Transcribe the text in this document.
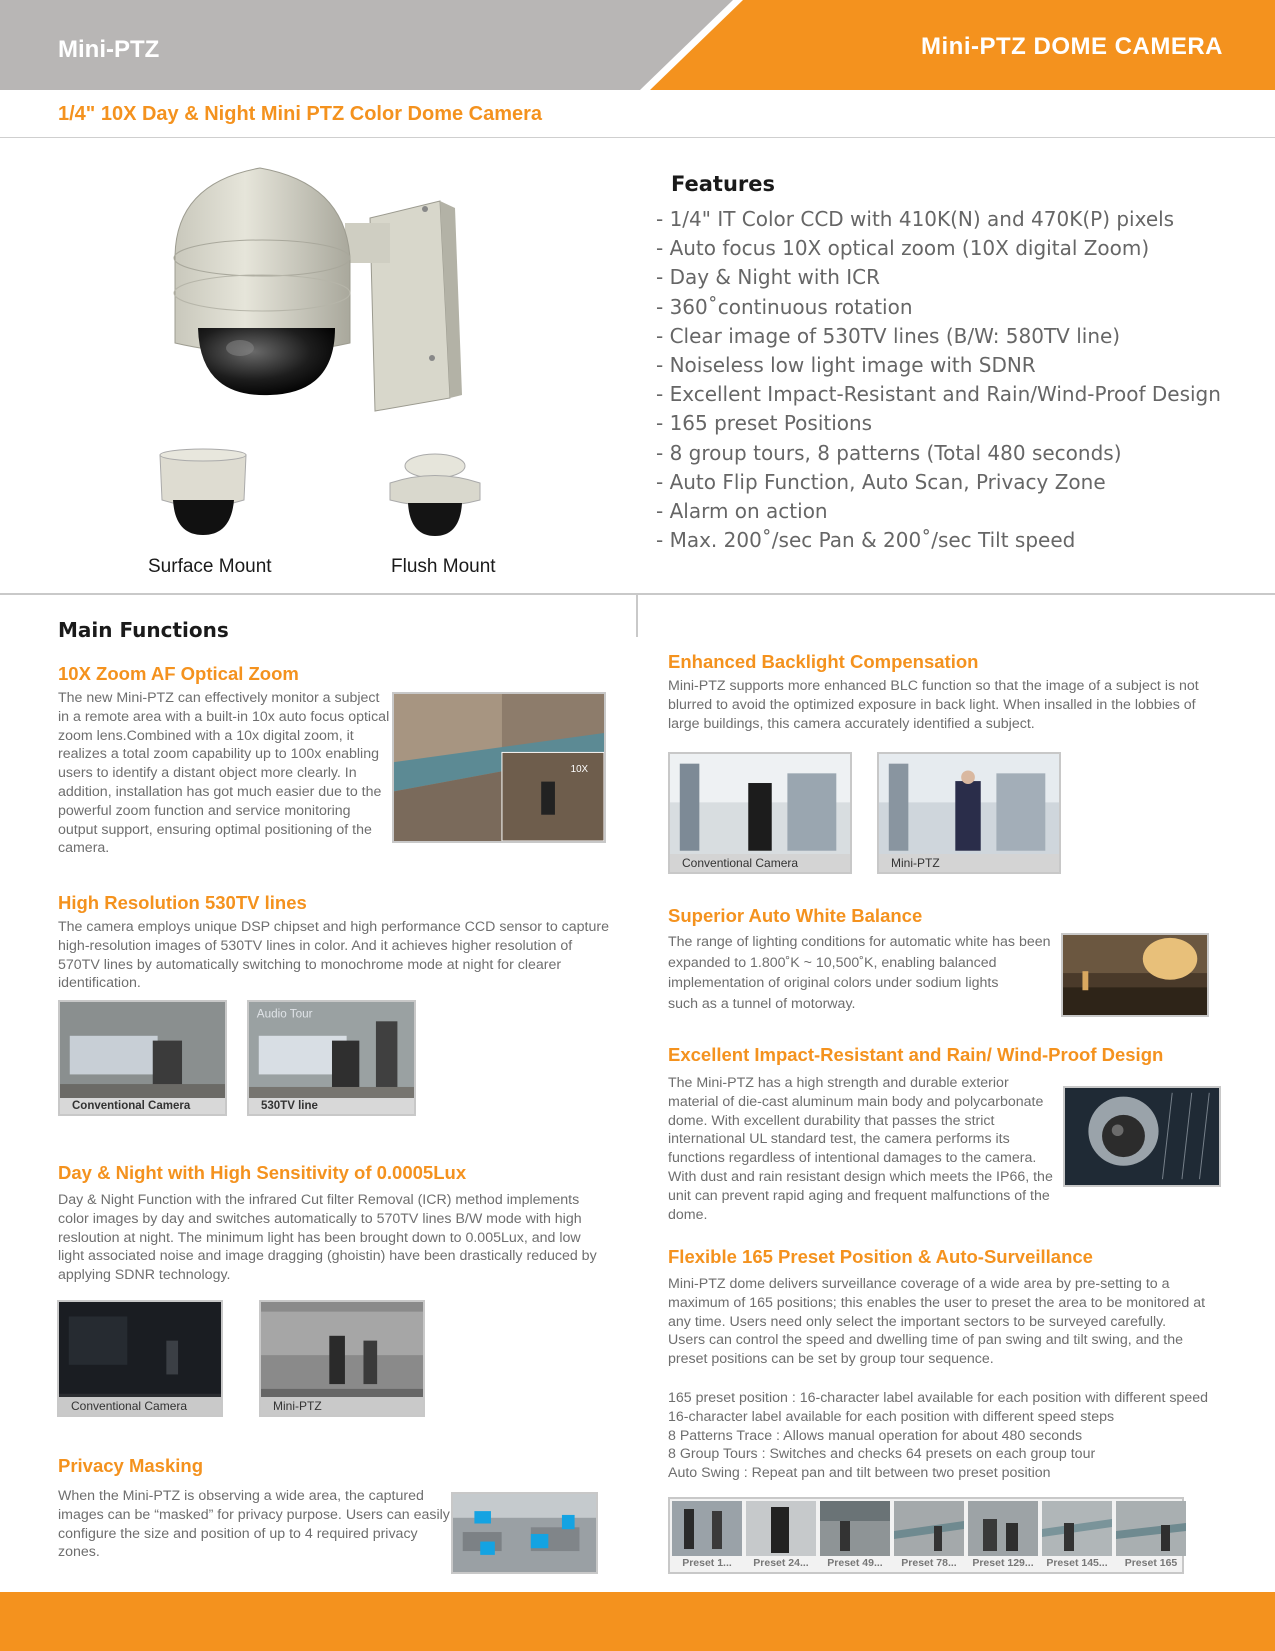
Mini-PTZ	Mini-PTZ DOME CAMERA
1/4" 10X Day & Night Mini PTZ Color Dome Camera
Surface Mount	Flush Mount
Features
- 1/4" IT Color CCD with 410K(N) and 470K(P) pixels
- Auto focus 10X optical zoom (10X digital Zoom)
- Day & Night with ICR
- 360˚continuous rotation
- Clear image of 530TV lines (B/W: 580TV line)
- Noiseless low light image with SDNR
- Excellent Impact-Resistant and Rain/Wind-Proof Design
- 165 preset Positions
- 8 group tours, 8 patterns (Total 480 seconds)
- Auto Flip Function, Auto Scan, Privacy Zone
- Alarm on action
- Max. 200˚/sec Pan & 200˚/sec Tilt speed
Main Functions
10X Zoom AF Optical Zoom
The new Mini-PTZ can effectively monitor a subject
in a remote area with a built-in 10x auto focus optical
zoom lens.Combined with a 10x digital zoom, it
realizes a total zoom capability up to 100x enabling
users to identify a distant object more clearly. In
addition, installation has got much easier due to the
powerful zoom function and service monitoring
output support, ensuring optimal positioning of the
camera.
10X
High Resolution 530TV lines
The camera employs unique DSP chipset and high performance CCD sensor to capture
high-resolution images of 530TV lines in color. And it achieves higher resolution of
570TV lines by automatically switching to monochrome mode at night for clearer
identification.
Conventional Camera
Audio Tour
530TV line
Day & Night with High Sensitivity of 0.0005Lux
Day & Night Function with the infrared Cut filter Removal (ICR) method implements
color images by day and switches automatically to 570TV lines B/W mode with high
resloution at night. The minimum light has been brought down to 0.005Lux, and low
light associated noise and image dragging (ghoistin) have been drastically reduced by
applying SDNR technology.
Conventional Camera	Mini-PTZ
Privacy Masking
When the Mini-PTZ is observing a wide area, the captured
images can be “masked” for privacy purpose. Users can easily
configure the size and position of up to 4 required privacy
zones.
Enhanced Backlight Compensation
Mini-PTZ supports more enhanced BLC function so that the image of a subject is not
blurred to avoid the optimized exposure in back light. When insalled in the lobbies of
large buildings, this camera accurately identified a subject.
Conventional Camera	Mini-PTZ
Superior Auto White Balance
The range of lighting conditions for automatic white has been
expanded to 1.800˚K ~ 10,500˚K, enabling balanced
implementation of original colors under sodium lights
such as a tunnel of motorway.
Excellent Impact-Resistant and Rain/ Wind-Proof Design
The Mini-PTZ has a high strength and durable exterior
material of die-cast aluminum main body and polycarbonate
dome. With excellent durability that passes the strict
international UL standard test, the camera performs its
functions regardless of intentional damages to the camera.
With dust and rain resistant design which meets the IP66, the
unit can prevent rapid aging and frequent malfunctions of the
dome.
Flexible 165 Preset Position & Auto-Surveillance
Mini-PTZ dome delivers surveillance coverage of a wide area by pre-setting to a
maximum of 165 positions; this enables the user to preset the area to be monitored at
any time. Users need only select the important sectors to be surveyed carefully.
Users can control the speed and dwelling time of pan swing and tilt swing, and the
preset positions can be set by group tour sequence.
165 preset position : 16-character label available for each position with different speed
16-character label available for each position with different speed steps
8 Patterns Trace : Allows manual operation for about 480 seconds
8 Group Tours : Switches and checks 64 presets on each group tour
Auto Swing : Repeat pan and tilt between two preset position
Preset 1...	Preset 24...	Preset 49...	Preset 78...	Preset 129...	Preset 145...	Preset 165
